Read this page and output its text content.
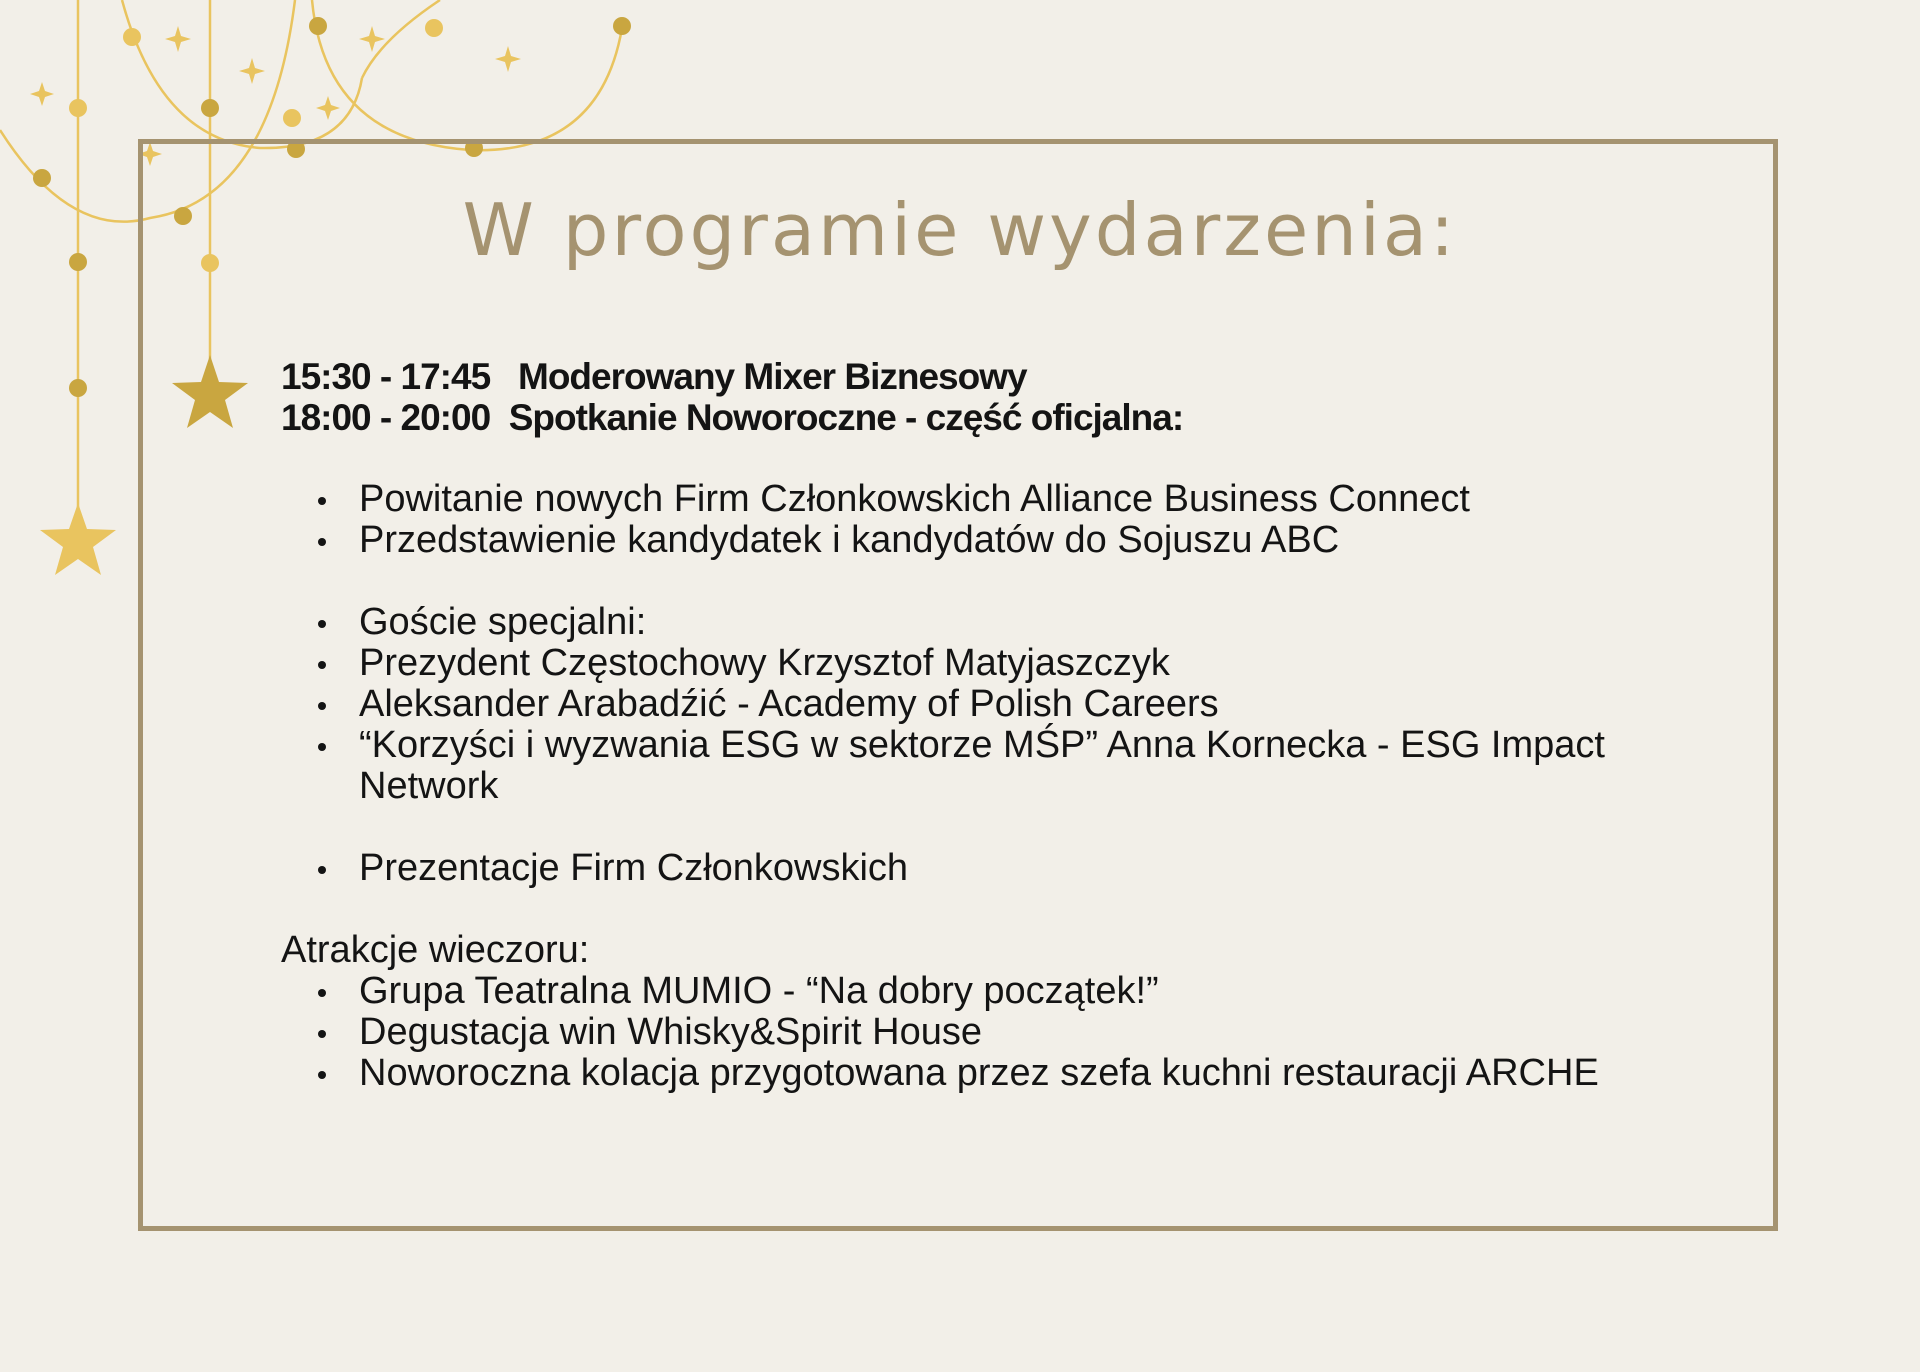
W programie wydarzenia:
15:30 - 17:45 Moderowany Mixer Biznesowy
18:00 - 20:00 Spotkanie Noworoczne - część oficjalna:
Powitanie nowych Firm Członkowskich Alliance Business Connect
Przedstawienie kandydatek i kandydatów do Sojuszu ABC
Goście specjalni:
Prezydent Częstochowy Krzysztof Matyjaszczyk
Aleksander Arabadźić - Academy of Polish Careers
“Korzyści i wyzwania ESG w sektorze MŚP” Anna Kornecka - ESG Impact Network
Prezentacje Firm Członkowskich
Atrakcje wieczoru:
Grupa Teatralna MUMIO - “Na dobry początek!”
Degustacja win Whisky&Spirit House
Noworoczna kolacja przygotowana przez szefa kuchni restauracji ARCHE
